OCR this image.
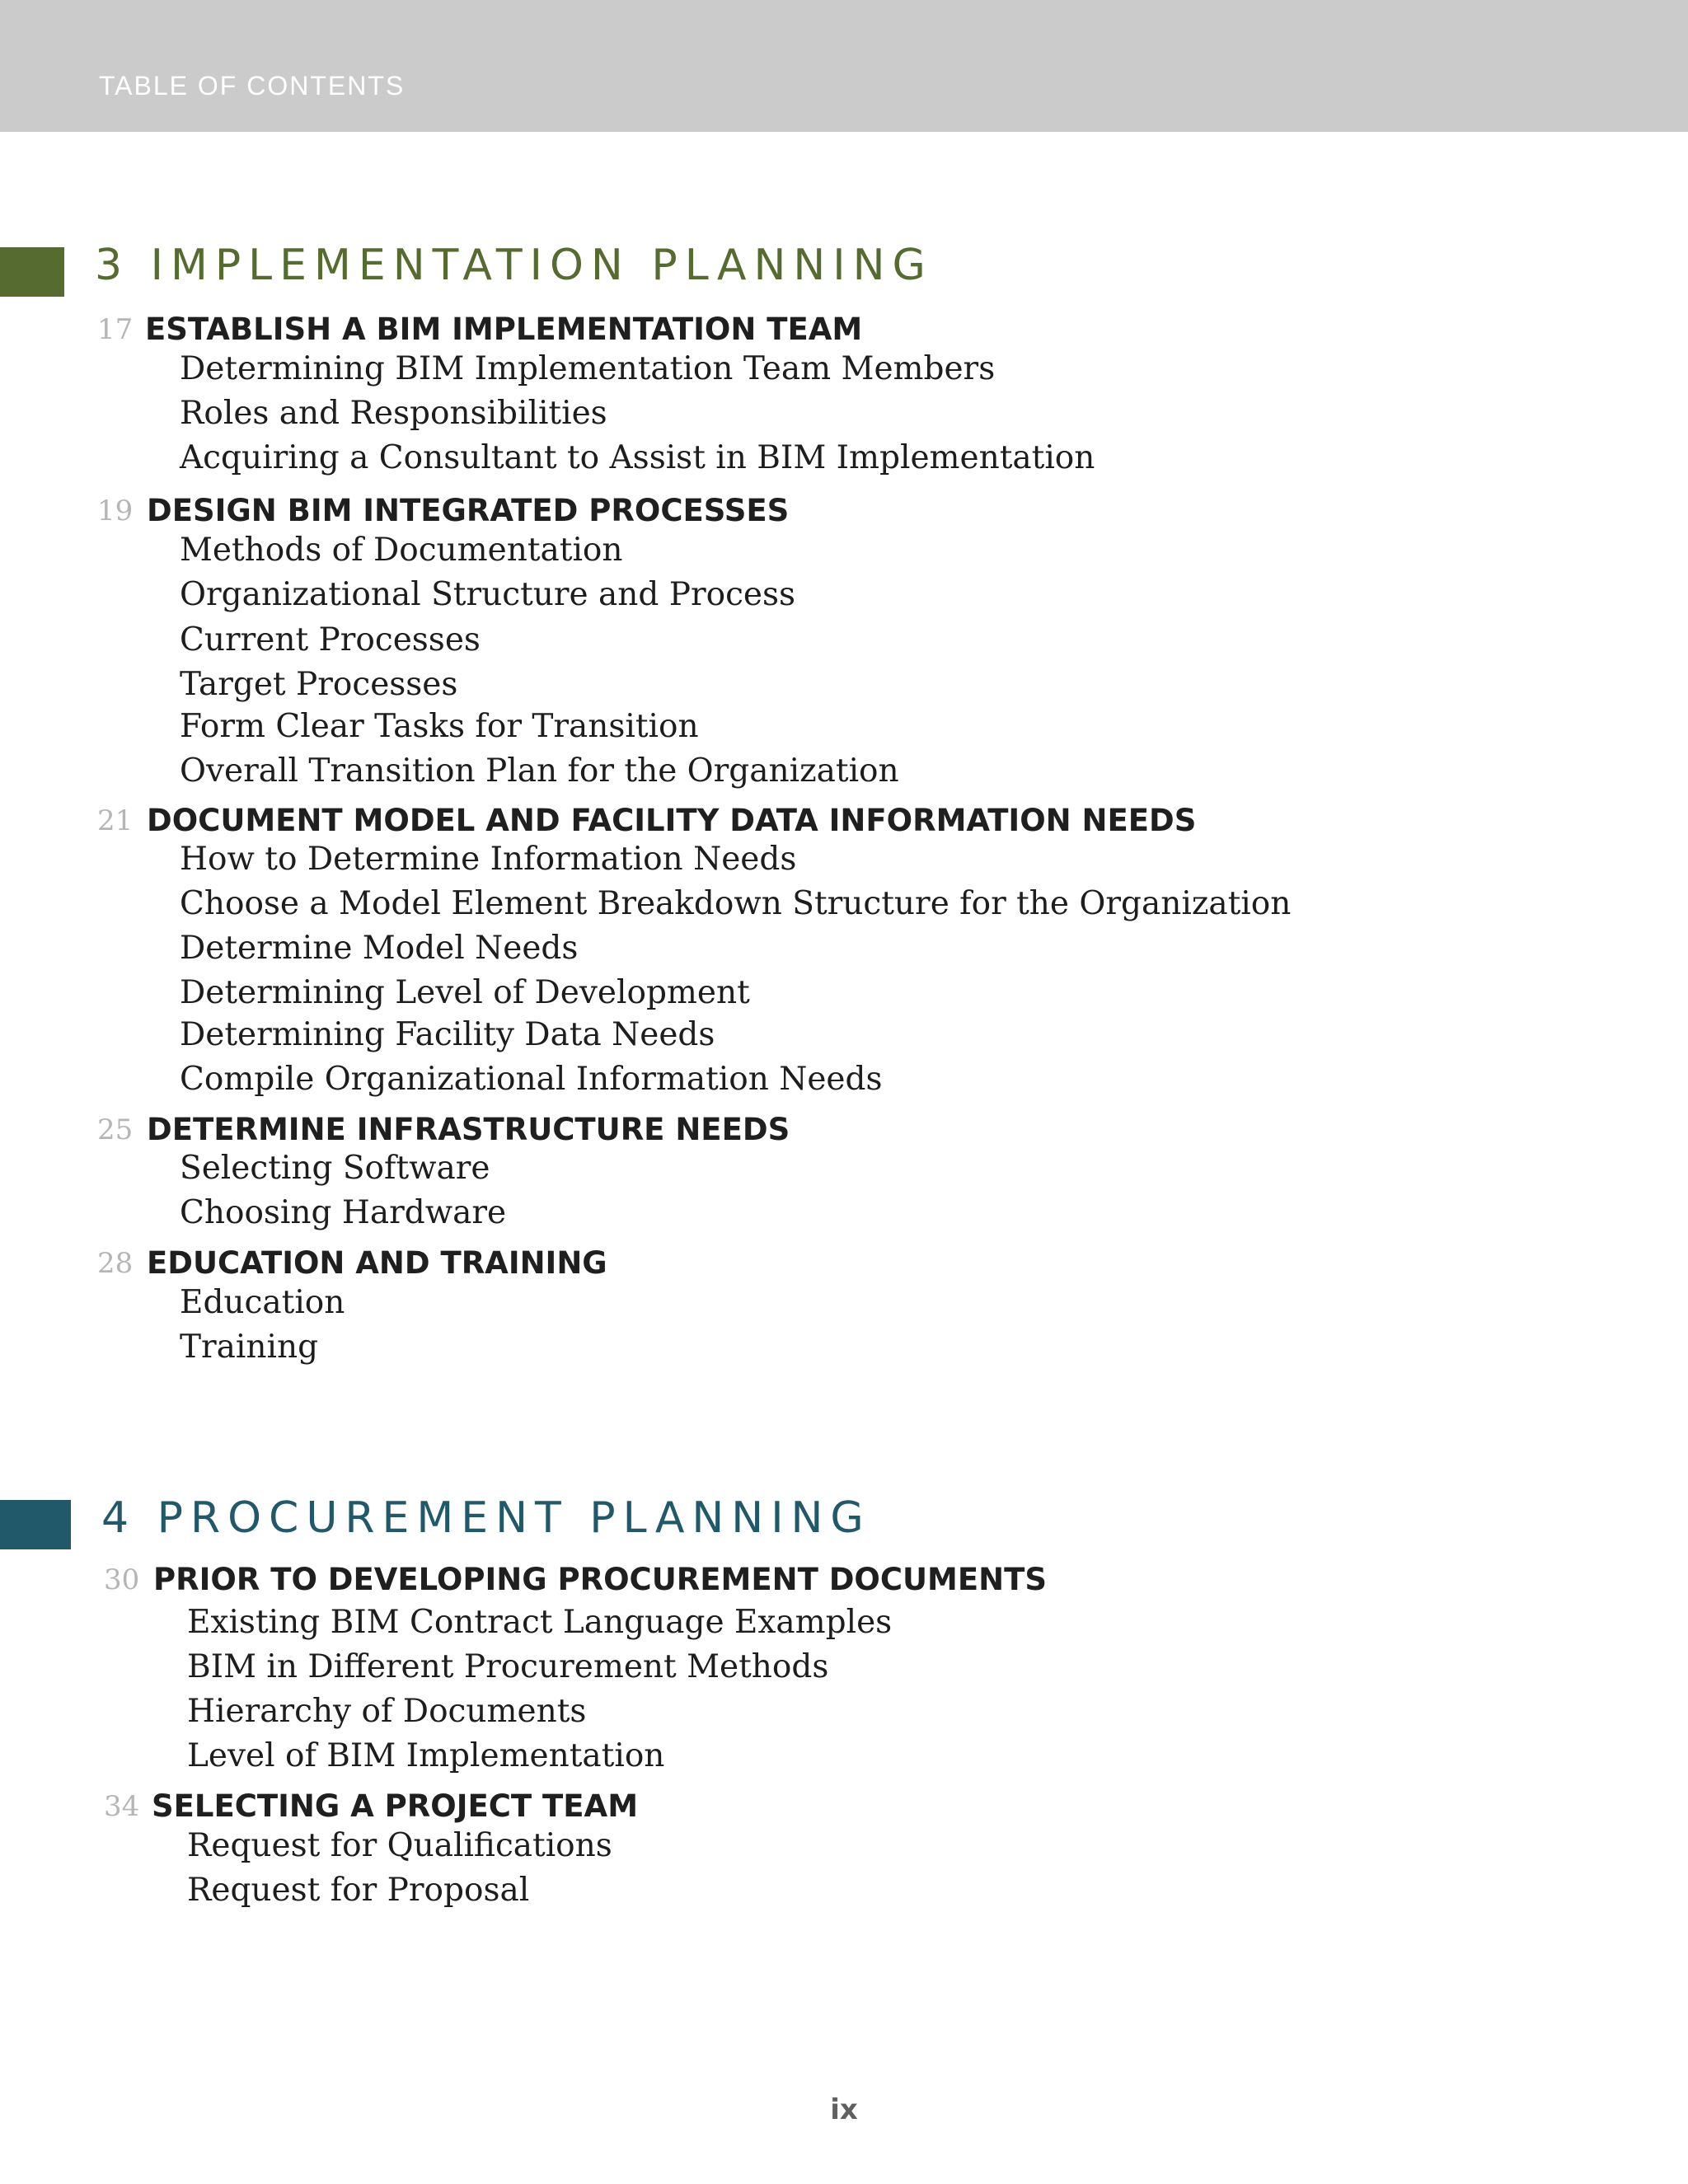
TABLE OF CONTENTS
3 IMPLEMENTATION PLANNING
17 ESTABLISH A BIM IMPLEMENTATION TEAM
Determining BIM Implementation Team Members
Roles and Responsibilities
Acquiring a Consultant to Assist in BIM Implementation
19 DESIGN BIM INTEGRATED PROCESSES
Methods of Documentation
Organizational Structure and Process
Current Processes
Target Processes
Form Clear Tasks for Transition
Overall Transition Plan for the Organization
21 DOCUMENT MODEL AND FACILITY DATA INFORMATION NEEDS
How to Determine Information Needs
Choose a Model Element Breakdown Structure for the Organization
Determine Model Needs
Determining Level of Development
Determining Facility Data Needs
Compile Organizational Information Needs
25 DETERMINE INFRASTRUCTURE NEEDS
Selecting Software
Choosing Hardware
28 EDUCATION AND TRAINING
Education
Training
4 PROCUREMENT PLANNING
30 PRIOR TO DEVELOPING PROCUREMENT DOCUMENTS
Existing BIM Contract Language Examples
BIM in Different Procurement Methods
Hierarchy of Documents
Level of BIM Implementation
34 SELECTING A PROJECT TEAM
Request for Qualifications
Request for Proposal
ix
